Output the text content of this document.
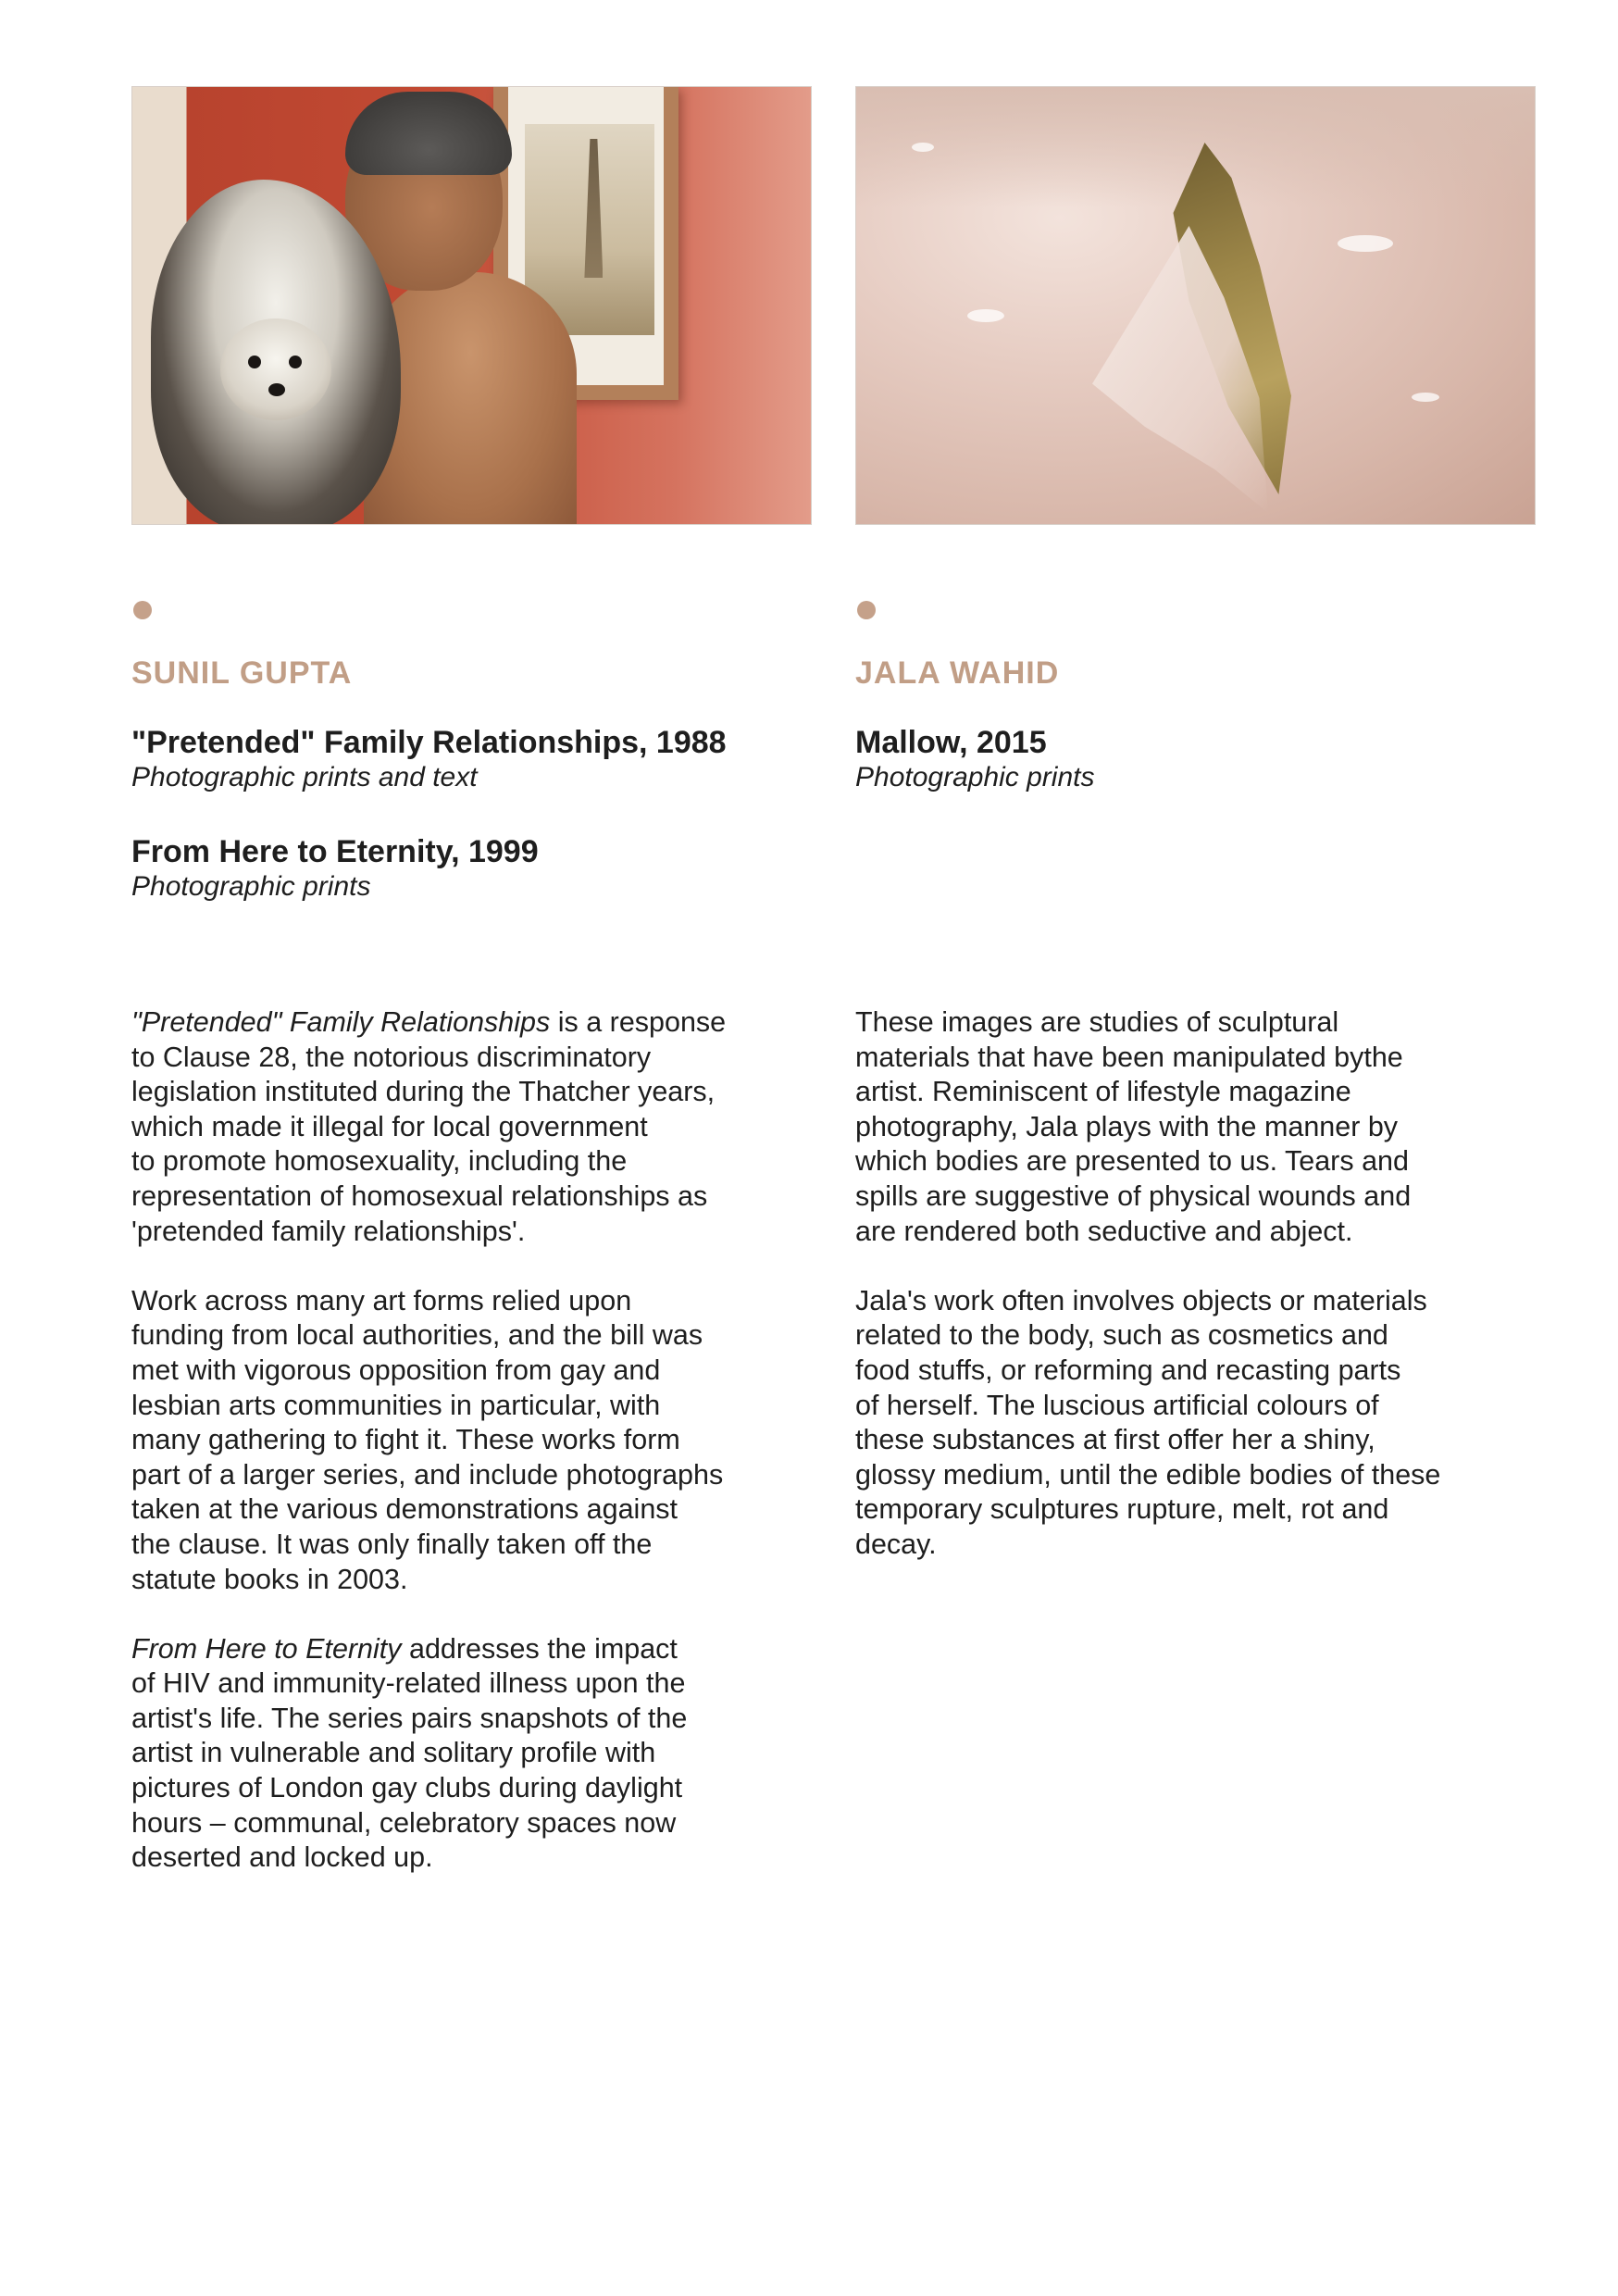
SUNIL GUPTA
"Pretended" Family Relationships, 1988
Photographic prints and text
From Here to Eternity, 1999
Photographic prints
JALA WAHID
Mallow, 2015
Photographic prints

"Pretended" Family Relationships is a response
to Clause 28, the notorious discriminatory
legislation instituted during the Thatcher years,
which made it illegal for local government
to promote homosexuality, including the
representation of homosexual relationships as
'pretended family relationships'.

Work across many art forms relied upon
funding from local authorities, and the bill was
met with vigorous opposition from gay and
lesbian arts communities in particular, with
many gathering to fight it. These works form
part of a larger series, and include photographs
taken at the various demonstrations against
the clause. It was only finally taken off the
statute books in 2003.

From Here to Eternity addresses the impact
of HIV and immunity-related illness upon the
artist's life. The series pairs snapshots of the
artist in vulnerable and solitary profile with
pictures of London gay clubs during daylight
hours – communal, celebratory spaces now
deserted and locked up.

These images are studies of sculptural
materials that have been manipulated bythe
artist. Reminiscent of lifestyle magazine
photography, Jala plays with the manner by
which bodies are presented to us. Tears and
spills are suggestive of physical wounds and
are rendered both seductive and abject.

Jala's work often involves objects or materials
related to the body, such as cosmetics and
food stuffs, or reforming and recasting parts
of herself. The luscious artificial colours of
these substances at first offer her a shiny,
glossy medium, until the edible bodies of these
temporary sculptures rupture, melt, rot and
decay.
